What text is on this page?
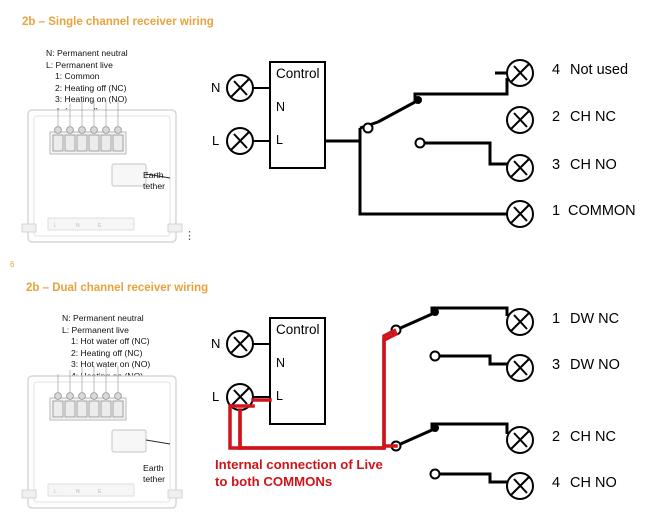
2b – Single channel receiver wiring
N: Permanent neutral
L: Permanent live
1: Common
2: Heating off (NC)
3: Heating on (NO)
L	N	E
Earth
tether
⋮
6
N
L
Control
N
L
4 Not used
2 CH NC
3 CH NO
1 COMMON
2b – Dual channel receiver wiring
N: Permanent neutral
L: Permanent live
1: Hot water off (NC)
2: Heating off (NC)
3: Hot water on (NO)
L	N	E
Earth
tether
N
L
Control
N
L
1 DW NC
3 DW NO
2 CH NC
4 CH NO
Internal connection of Live
to both COMMONs
